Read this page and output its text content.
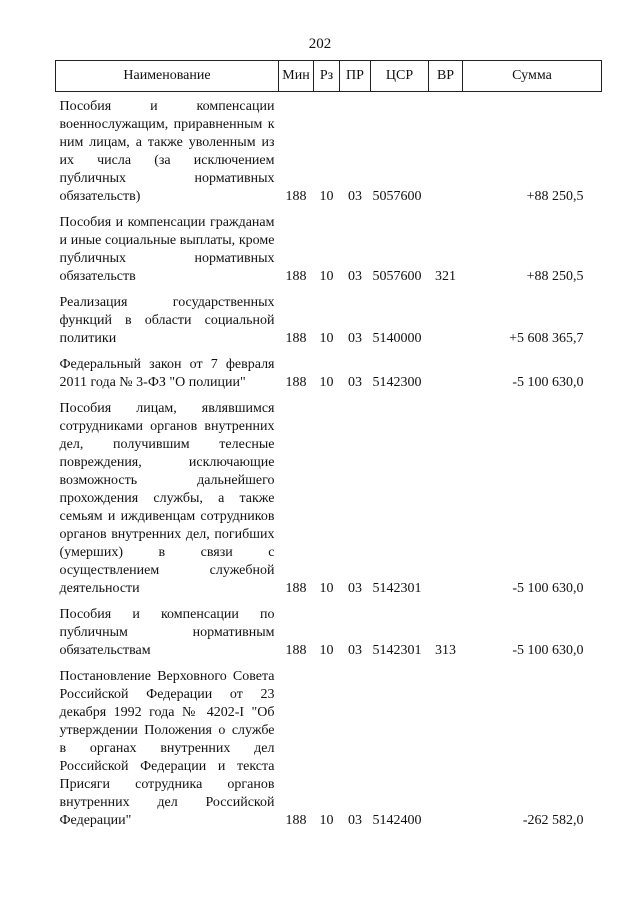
202
Наименование	Мин	Рз	ПР	ЦСР	ВР	Сумма
Пособия и компенсации военнослужащим, приравненным к ним лицам, а также уволенным из их числа (за исключением публичных нормативных обязательств)	188	10	03	5057600		+88 250,5
Пособия и компенсации гражданам и иные социальные выплаты, кроме публичных нормативных обязательств	188	10	03	5057600	321	+88 250,5
Реализация государственных функций в области социальной политики	188	10	03	5140000		+5 608 365,7
Федеральный закон от 7 февраля 2011 года № 3-ФЗ "О полиции"	188	10	03	5142300		-5 100 630,0
Пособия лицам, являвшимся сотрудниками органов внутренних дел, получившим телесные повреждения, исключающие возможность дальнейшего прохождения службы, а также семьям и иждивенцам сотрудников органов внутренних дел, погибших (умерших) в связи с осуществлением служебной деятельности	188	10	03	5142301		-5 100 630,0
Пособия и компенсации по публичным нормативным обязательствам	188	10	03	5142301	313	-5 100 630,0
Постановление Верховного Совета Российской Федерации от 23 декабря 1992 года № 4202-I "Об утверждении Положения о службе в органах внутренних дел Российской Федерации и текста Присяги сотрудника органов внутренних дел Российской Федерации"	188	10	03	5142400		-262 582,0
